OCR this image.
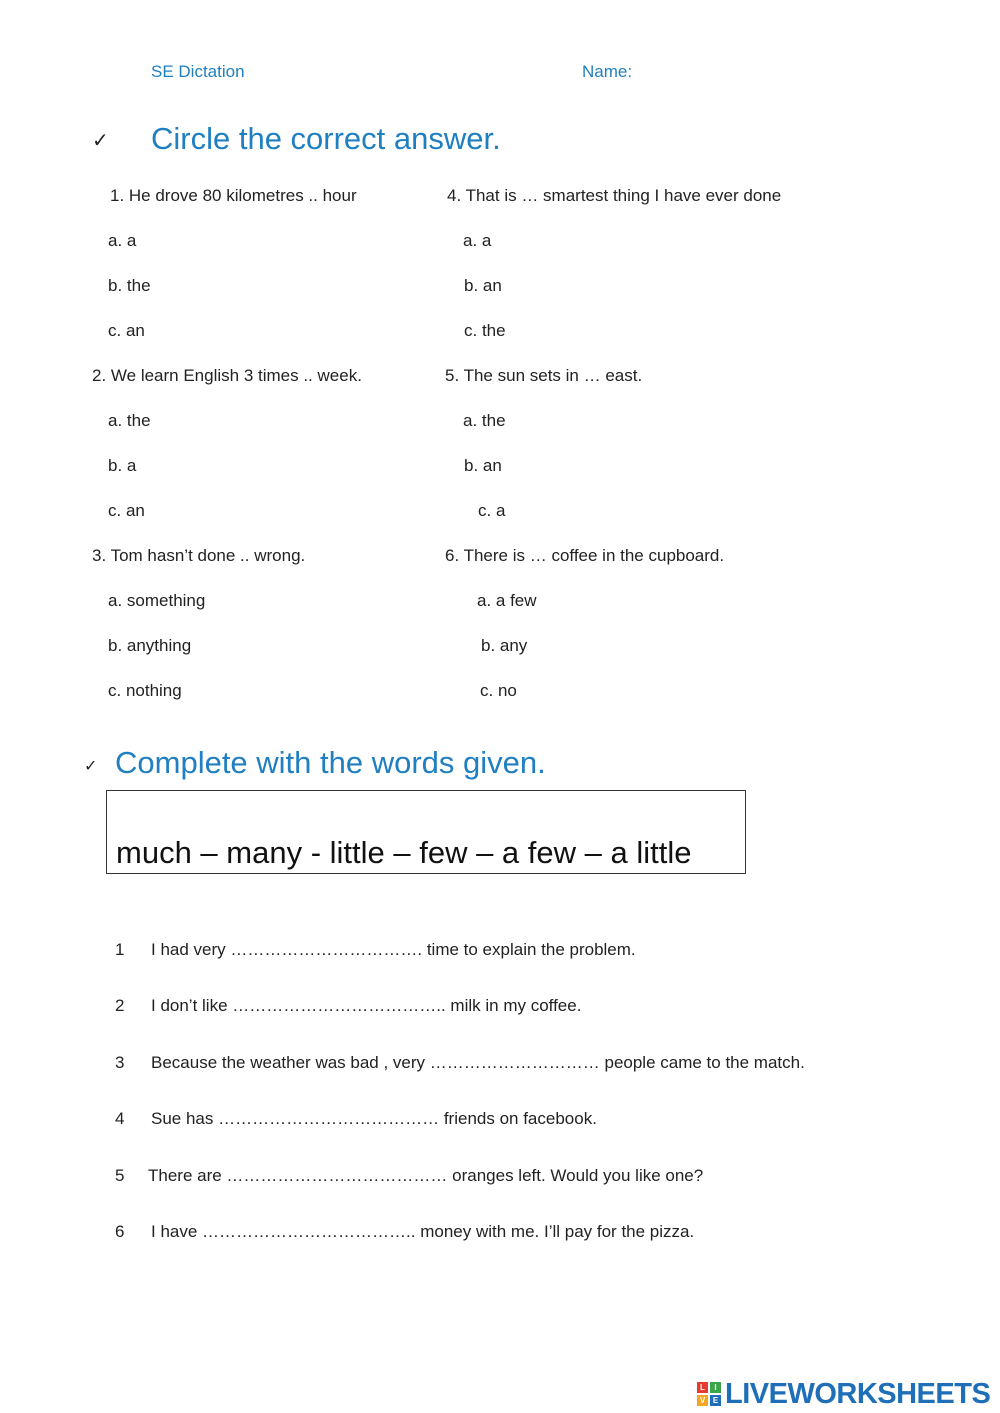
SE Dictation	Name:
✓ Circle the correct answer.
1. He drove 80 kilometres .. hour
a. a
b. the
c. an
2. We learn English 3 times .. week.
a. the
b. a
c. an
3. Tom hasn’t done .. wrong.
a. something
b. anything
c. nothing
4. That is … smartest thing I have ever done
a. a
b. an
c. the
5. The sun sets in … east.
a. the
b. an
c. a
6. There is … coffee in the cupboard.
a. a few
b. any
c. no
✓ Complete with the words given.
much – many - little – few – a few – a little
1 I had very ……………………………. time to explain the problem.
2 I don’t like ……………………………….. milk in my coffee.
3 Because the weather was bad , very ………………………… people came to the match.
4 Sue has ………………………………… friends on facebook.
5 There are ………………………………… oranges left. Would you like one?
6 I have ……………………………….. money with me. I’ll pay for the pizza.
L	I
V E LIVEWORKSHEETS
